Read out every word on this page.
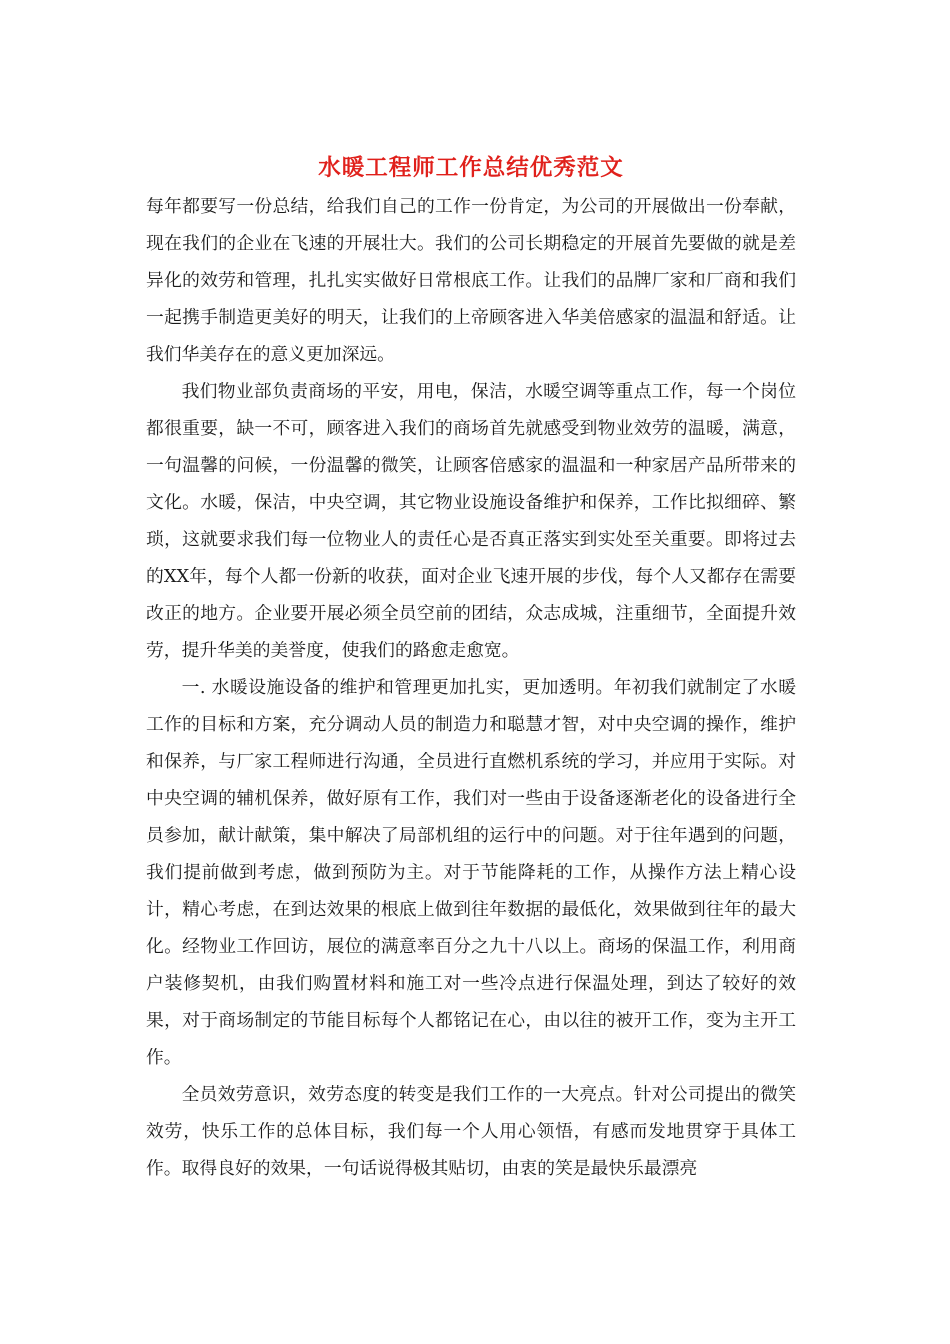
水暖工程师工作总结优秀范文

每年都要写一份总结，给我们自己的工作一份肯定，为公司的开展做出一份奉献，现在我们的企业在飞速的开展壮大。我们的公司长期稳定的开展首先要做的就是差异化的效劳和管理，扎扎实实做好日常根底工作。让我们的品牌厂家和厂商和我们一起携手制造更美好的明天，让我们的上帝顾客进入华美倍感家的温温和舒适。让我们华美存在的意义更加深远。

我们物业部负责商场的平安，用电，保洁，水暖空调等重点工作，每一个岗位都很重要，缺一不可，顾客进入我们的商场首先就感受到物业效劳的温暖，满意，一句温馨的问候，一份温馨的微笑，让顾客倍感家的温温和一种家居产品所带来的文化。水暖，保洁，中央空调，其它物业设施设备维护和保养，工作比拟细碎、繁琐，这就要求我们每一位物业人的责任心是否真正落实到实处至关重要。即将过去的XX年，每个人都一份新的收获，面对企业飞速开展的步伐，每个人又都存在需要改正的地方。企业要开展必须全员空前的团结，众志成城，注重细节，全面提升效劳，提升华美的美誉度，使我们的路愈走愈宽。

一. 水暖设施设备的维护和管理更加扎实，更加透明。年初我们就制定了水暖工作的目标和方案，充分调动人员的制造力和聪慧才智，对中央空调的操作，维护和保养，与厂家工程师进行沟通，全员进行直燃机系统的学习，并应用于实际。对中央空调的辅机保养，做好原有工作，我们对一些由于设备逐渐老化的设备进行全员参加，献计献策，集中解决了局部机组的运行中的问题。对于往年遇到的问题，我们提前做到考虑，做到预防为主。对于节能降耗的工作，从操作方法上精心设计，精心考虑，在到达效果的根底上做到往年数据的最低化，效果做到往年的最大化。经物业工作回访，展位的满意率百分之九十八以上。商场的保温工作，利用商户装修契机，由我们购置材料和施工对一些冷点进行保温处理，到达了较好的效果，对于商场制定的节能目标每个人都铭记在心，由以往的被开工作，变为主开工作。

全员效劳意识，效劳态度的转变是我们工作的一大亮点。针对公司提出的微笑效劳，快乐工作的总体目标，我们每一个人用心领悟，有感而发地贯穿于具体工作。取得良好的效果，一句话说得极其贴切，由衷的笑是最快乐最漂亮
